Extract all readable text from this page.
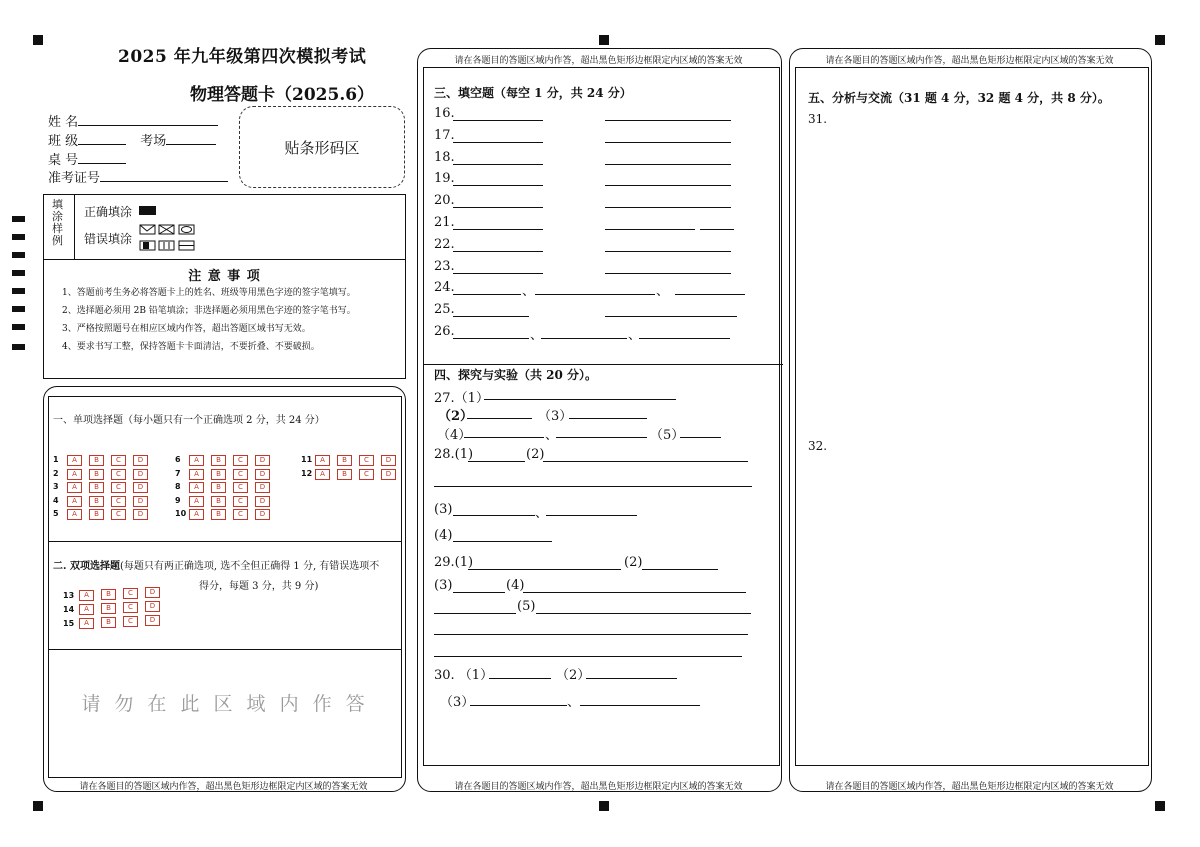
2025 年九年级第四次模拟考试
物理答题卡（2025.6）
姓 名
班 级	考场
桌 号
准考证号
贴条形码区
填涂样例
正确填涂
错误填涂
注 意 事 项
1、答题前考生务必将答题卡上的姓名、班级等用黑色字迹的签字笔填写。
2、选择题必须用 2B 铅笔填涂；非选择题必须用黑色字迹的签字笔书写。
3、严格按照题号在相应区域内作答，超出答题区域书写无效。
4、要求书写工整，保持答题卡卡面清洁，不要折叠、不要破损。
一、单项选择题（每小题只有一个正确选项 2 分，共 24 分）
1	A	B	C	D
2	A	B	C	D
3	A	B	C	D
4	A	B	C	D
5	A	B	C	D
6	A	B	C	D
7	A	B	C	D
8	A	B	C	D
9	A	B	C	D
10	A	B	C	D
11	A	B	C	D
12	A	B	C	D
二. 双项选择题(每题只有两正确选项, 选不全但正确得 1 分, 有错误选项不
得分，每题 3 分，共 9 分)
13	A	B	C	D
14	A	B	C	D
15	A	B	C	D
请 勿 在 此 区 域 内 作 答
请在各题目的答题区域内作答，超出黑色矩形边框限定内区域的答案无效
请在各题目的答题区域内作答，超出黑色矩形边框限定内区域的答案无效
请在各题目的答题区域内作答，超出黑色矩形边框限定内区域的答案无效
三、填空题（每空 1 分，共 24 分）
16.
17.
18.
19.
20.
21.
22.
23.
24.	、	、
25.
26.	、	、
四、探究与实验（共 20 分）。
27.（1）
（2）	（3）
（4）	、	（5）
28.(1)	(2)
(3)	、
(4)
29.(1)	(2)
(3)	(4)
(5)
30. （1）	（2）
（3）	、
请在各题目的答题区域内作答，超出黑色矩形边框限定内区域的答案无效
请在各题目的答题区域内作答，超出黑色矩形边框限定内区域的答案无效
五、分析与交流（31 题 4 分，32 题 4 分，共 8 分）。
31.
32.
